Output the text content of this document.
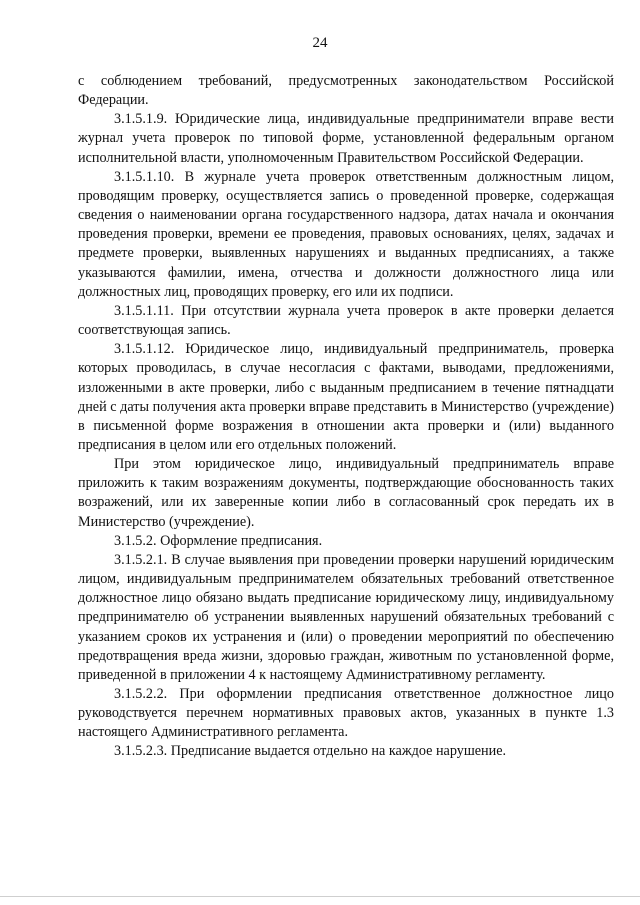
24

с соблюдением требований, предусмотренных законодательством Российской Федерации.

3.1.5.1.9. Юридические лица, индивидуальные предприниматели вправе вести журнал учета проверок по типовой форме, установленной федеральным органом исполнительной власти, уполномоченным Правительством Российской Федерации.

3.1.5.1.10. В журнале учета проверок ответственным должностным лицом, проводящим проверку, осуществляется запись о проведенной проверке, содержащая сведения о наименовании органа государственного надзора, датах начала и окончания проведения проверки, времени ее проведения, правовых основаниях, целях, задачах и предмете проверки, выявленных нарушениях и выданных предписаниях, а также указываются фамилии, имена, отчества и должности должностного лица или должностных лиц, проводящих проверку, его или их подписи.

3.1.5.1.11. При отсутствии журнала учета проверок в акте проверки делается соответствующая запись.

3.1.5.1.12. Юридическое лицо, индивидуальный предприниматель, проверка которых проводилась, в случае несогласия с фактами, выводами, предложениями, изложенными в акте проверки, либо с выданным предписанием в течение пятнадцати дней с даты получения акта проверки вправе представить в Министерство (учреждение) в письменной форме возражения в отношении акта проверки и (или) выданного предписания в целом или его отдельных положений.

При этом юридическое лицо, индивидуальный предприниматель вправе приложить к таким возражениям документы, подтверждающие обоснованность таких возражений, или их заверенные копии либо в согласованный срок передать их в Министерство (учреждение).

3.1.5.2. Оформление предписания.

3.1.5.2.1. В случае выявления при проведении проверки нарушений юридическим лицом, индивидуальным предпринимателем обязательных требований ответственное должностное лицо обязано выдать предписание юридическому лицу, индивидуальному предпринимателю об устранении выявленных нарушений обязательных требований с указанием сроков их устранения и (или) о проведении мероприятий по обеспечению предотвращения вреда жизни, здоровью граждан, животным по установленной форме, приведенной в приложении 4 к настоящему Административному регламенту.

3.1.5.2.2. При оформлении предписания ответственное должностное лицо руководствуется перечнем нормативных правовых актов, указанных в пункте 1.3 настоящего Административного регламента.

3.1.5.2.3. Предписание выдается отдельно на каждое нарушение.
